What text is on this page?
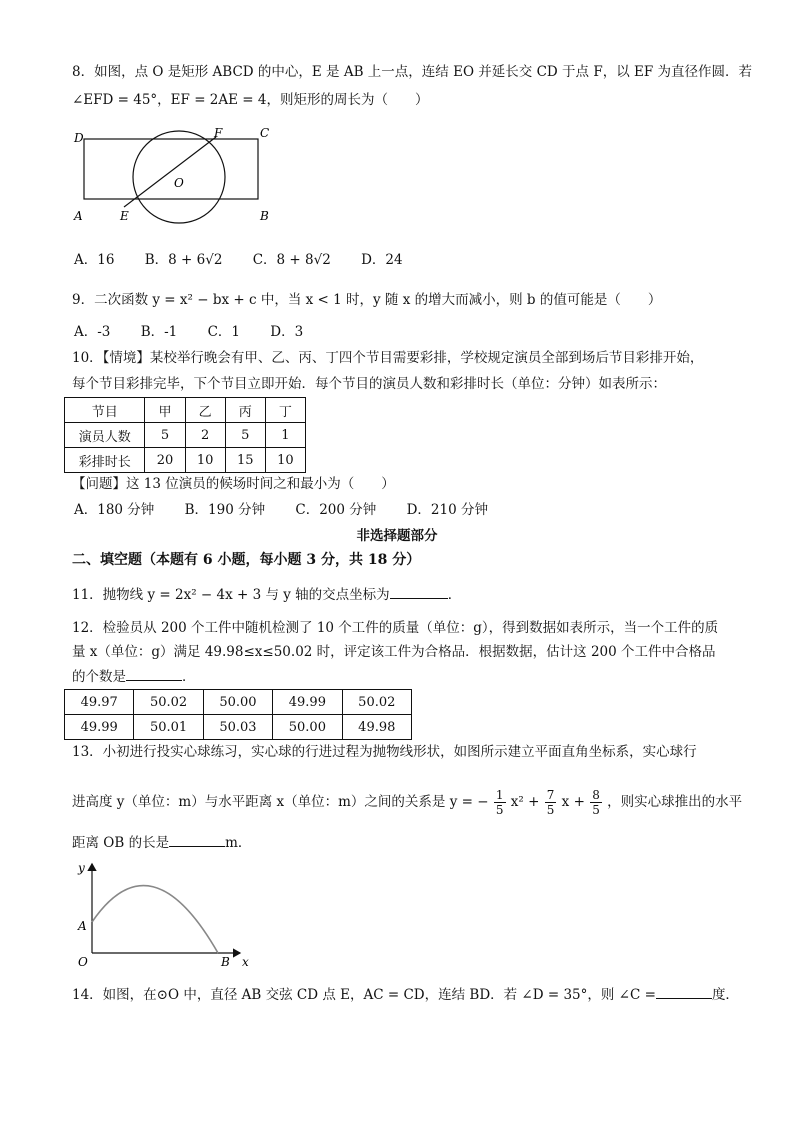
8．如图，点 O 是矩形 ABCD 的中心，E 是 AB 上一点，连结 EO 并延长交 CD 于点 F，以 EF 为直径作圆．若
∠EFD = 45°，EF = 2AE = 4，则矩形的周长为（　　）
D	F	C
O
A	E	B
A．16 B．8 + 6√2 C．8 + 8√2 D．24
9．二次函数 y = x² − bx + c 中，当 x < 1 时，y 随 x 的增大而减小，则 b 的值可能是（　　）
A．-3 B．-1 C．1 D．3
10．【情境】某校举行晚会有甲、乙、丙、丁四个节目需要彩排，学校规定演员全部到场后节目彩排开始，
每个节目彩排完毕，下个节目立即开始．每个节目的演员人数和彩排时长（单位：分钟）如表所示：
节目	甲	乙	丙	丁
演员人数	5	2	5	1
彩排时长	20	10	15	10
【问题】这 13 位演员的候场时间之和最小为（　　）
A．180 分钟 B．190 分钟 C．200 分钟 D．210 分钟
非选择题部分
二、填空题（本题有 6 小题，每小题 3 分，共 18 分）
11．抛物线 y = 2x² − 4x + 3 与 y 轴的交点坐标为	．
12．检验员从 200 个工件中随机检测了 10 个工件的质量（单位：g），得到数据如表所示，当一个工件的质
量 x（单位：g）满足 49.98≤x≤50.02 时，评定该工件为合格品．根据数据，估计这 200 个工件中合格品
的个数是	．
49.97	50.02	50.00	49.99	50.02
49.99	50.01	50.03	50.00	49.98
13．小初进行投实心球练习，实心球的行进过程为抛物线形状，如图所示建立平面直角坐标系，实心球行
进高度 y（单位：m）与水平距离 x（单位：m）之间的关系是 y = − $\frac{1}{5} x^2 + \frac{7}{5}$ $x + \frac{8}{5}$ ，则实心球推出的水平
距离 OB 的长是	m．
y
A
O	B x
14．如图，在⊙O 中，直径 AB 交弦 CD 点 E，AC = CD，连结 BD．若 ∠D = 35°，则 ∠C =	度．
